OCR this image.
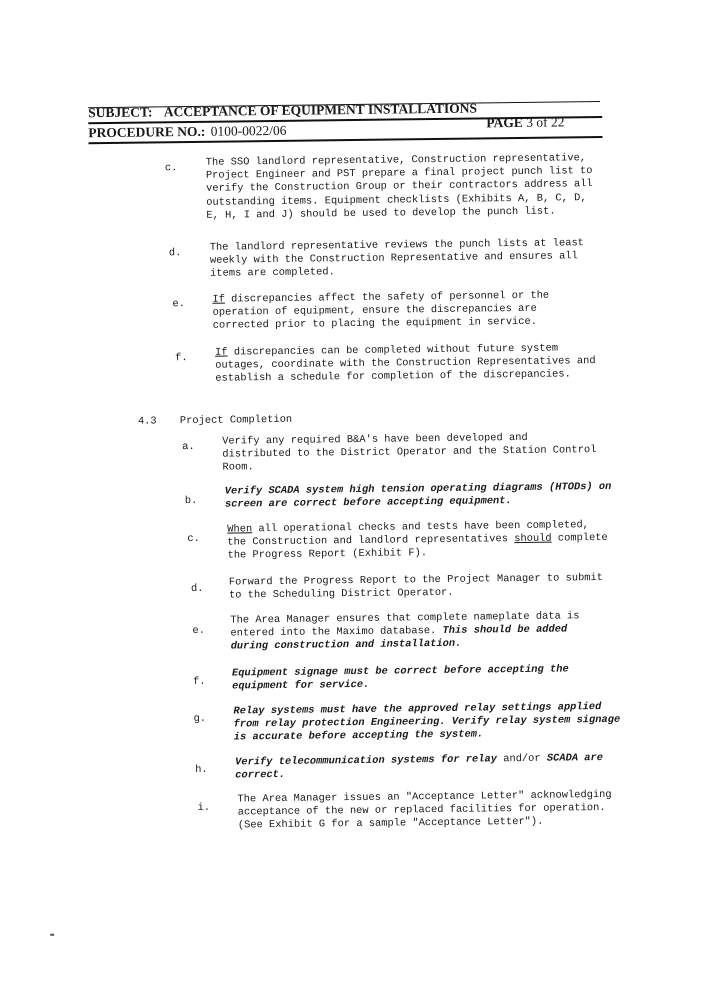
SUBJECT: ACCEPTANCE OF EQUIPMENT INSTALLATIONS
PROCEDURE NO.: 0100-0022/06
PAGE 3 of 22
c.	The SSO landlord representative, Construction representative, Project Engineer and PST prepare a final project punch list to verify the Construction Group or their contractors address all outstanding items. Equipment checklists (Exhibits A, B, C, D, E, H, I and J) should be used to develop the punch list.
d.	The landlord representative reviews the punch lists at least weekly with the Construction Representative and ensures all items are completed.
e.	If discrepancies affect the safety of personnel or the operation of equipment, ensure the discrepancies are corrected prior to placing the equipment in service.
f.	If discrepancies can be completed without future system outages, coordinate with the Construction Representatives and establish a schedule for completion of the discrepancies.
4.3	Project Completion
a.	Verify any required B&A's have been developed and distributed to the District Operator and the Station Control Room.
b.
Verify SCADA system high tension operating diagrams (HTODs) on screen are correct before accepting equipment.
c.
When all operational checks and tests have been completed, the Construction and landlord representatives should complete the Progress Report (Exhibit F).
d.
Forward the Progress Report to the Project Manager to submit to the Scheduling District Operator.
e.
The Area Manager ensures that complete nameplate data is entered into the Maximo database. This should be added during construction and installation.
f.
Equipment signage must be correct before accepting the equipment for service.
g.
Relay systems must have the approved relay settings applied from relay protection Engineering. Verify relay system signage is accurate before accepting the system.
h.
Verify telecommunication systems for relay and/or SCADA are correct.
i.
The Area Manager issues an "Acceptance Letter" acknowledging acceptance of the new or replaced facilities for operation. (See Exhibit G for a sample "Acceptance Letter").
